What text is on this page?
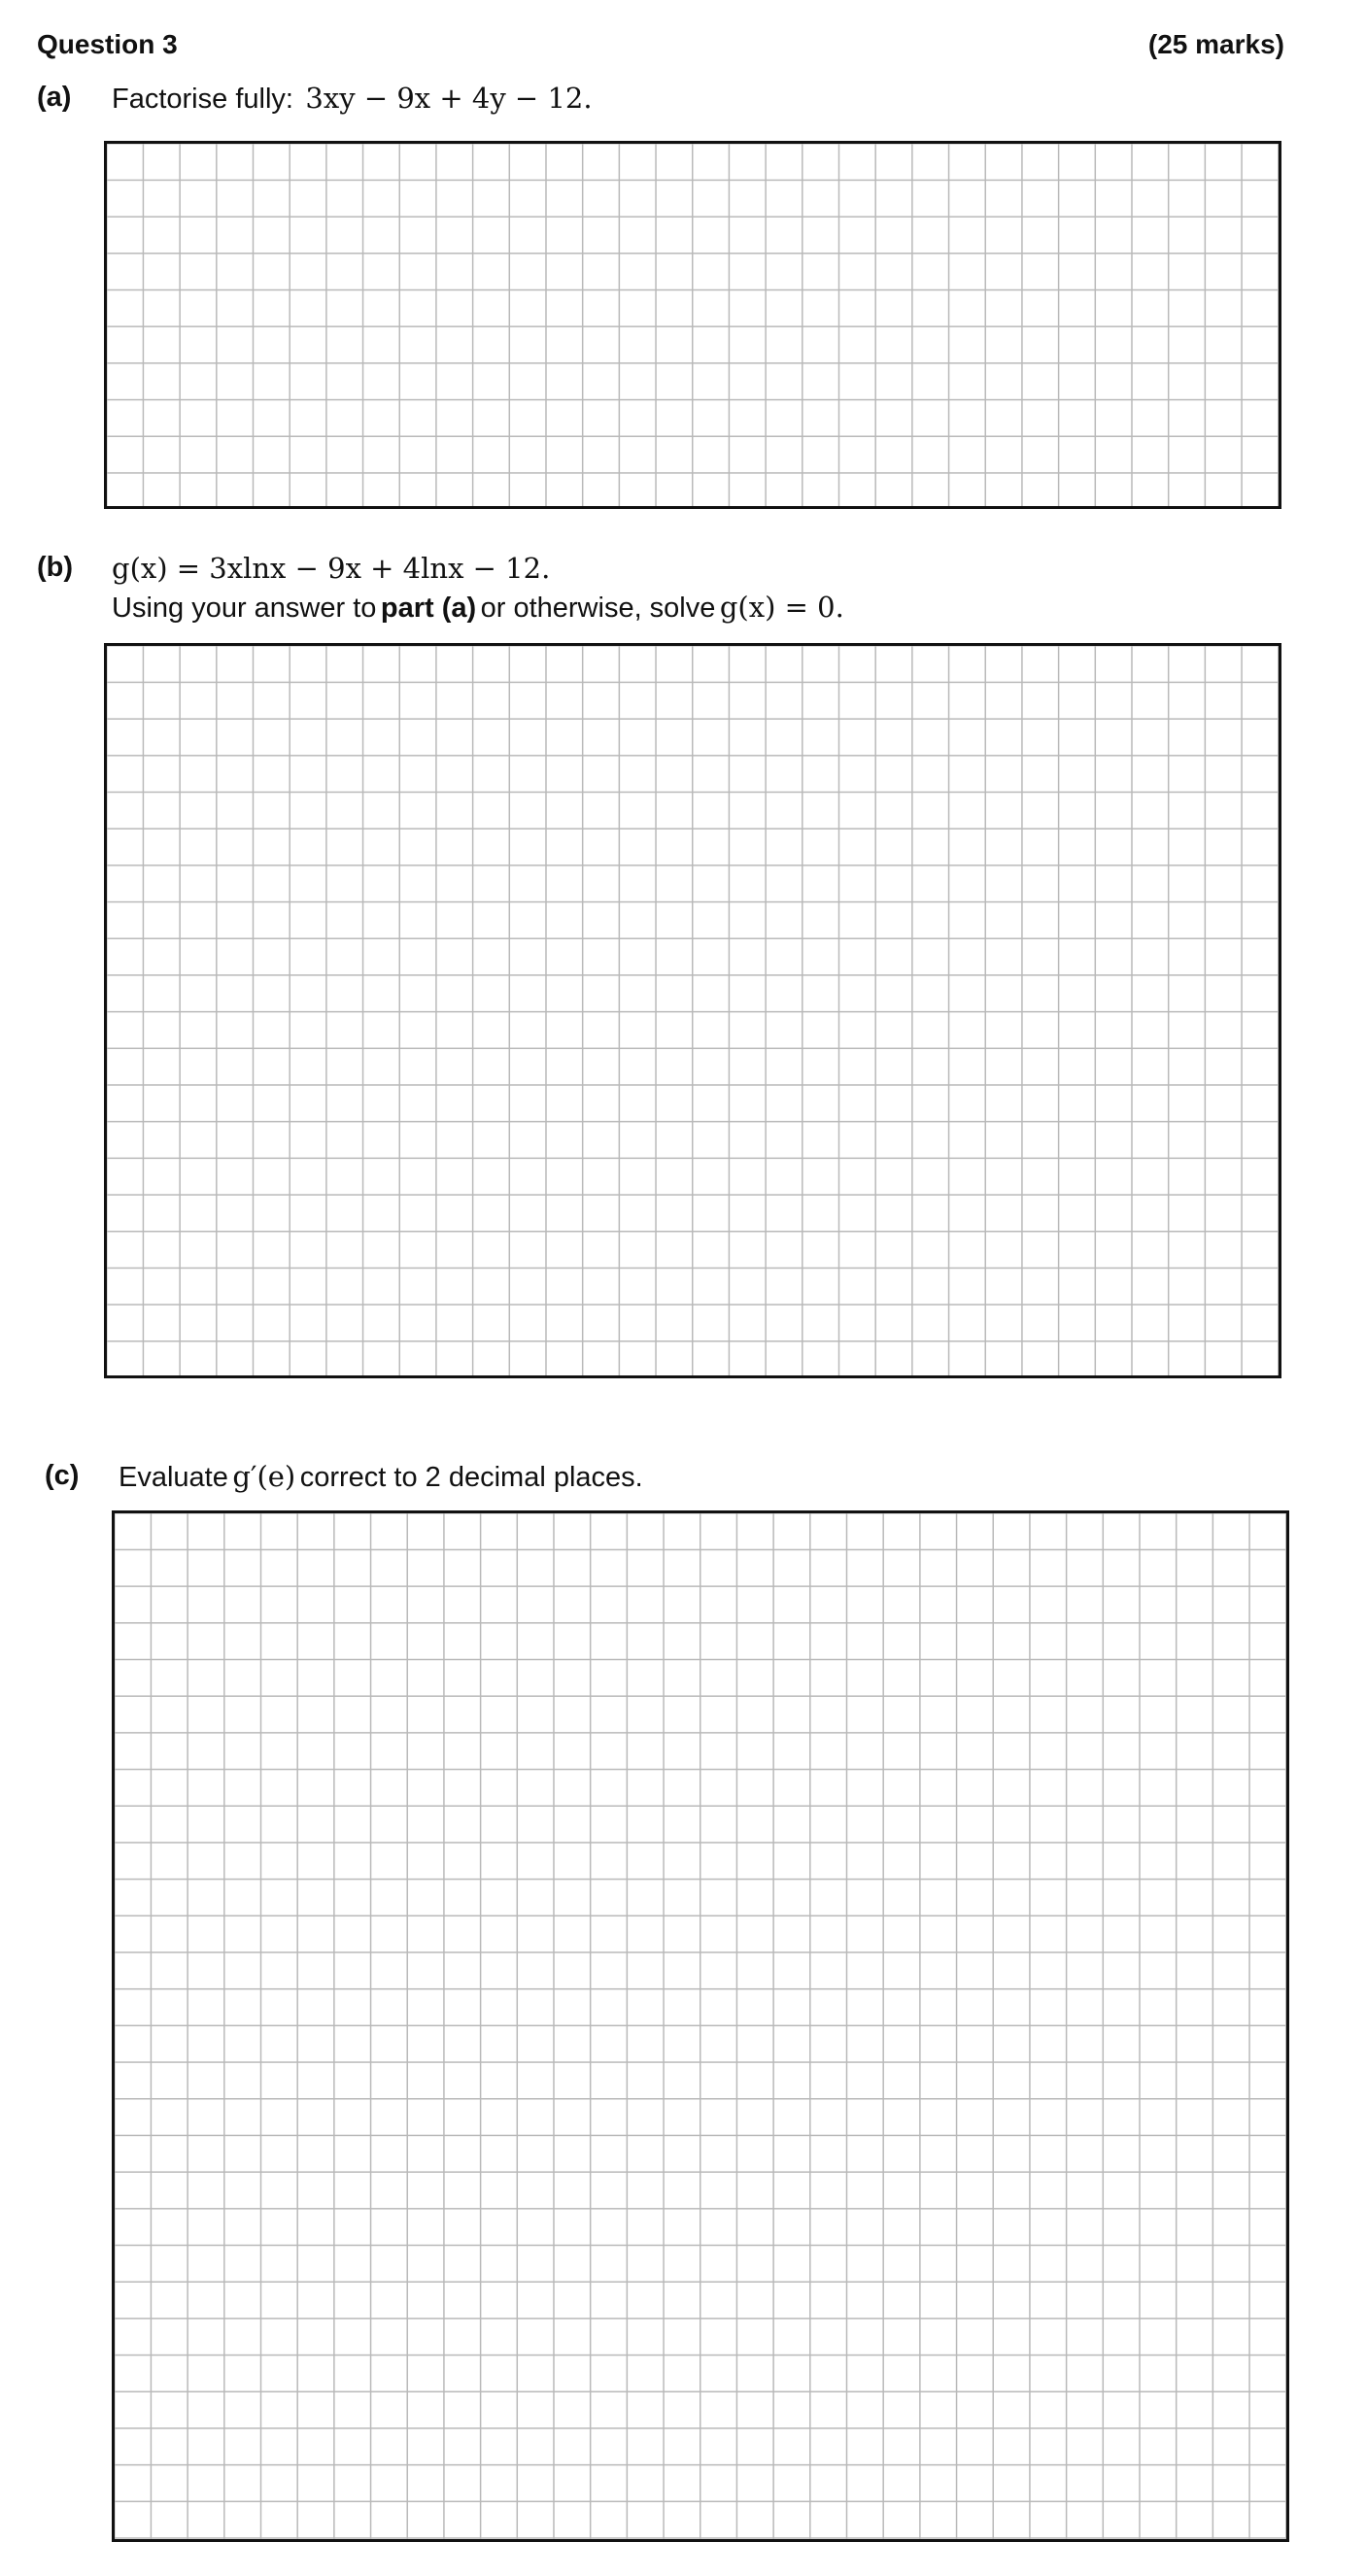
Question 3	(25 marks)
(a) Factorise fully: 3xy − 9x + 4y − 12.
(b) g(x) = 3xlnx − 9x + 4lnx − 12.
Using your answer to part (a) or otherwise, solve g(x) = 0.
(c) Evaluate g′(e) correct to 2 decimal places.
